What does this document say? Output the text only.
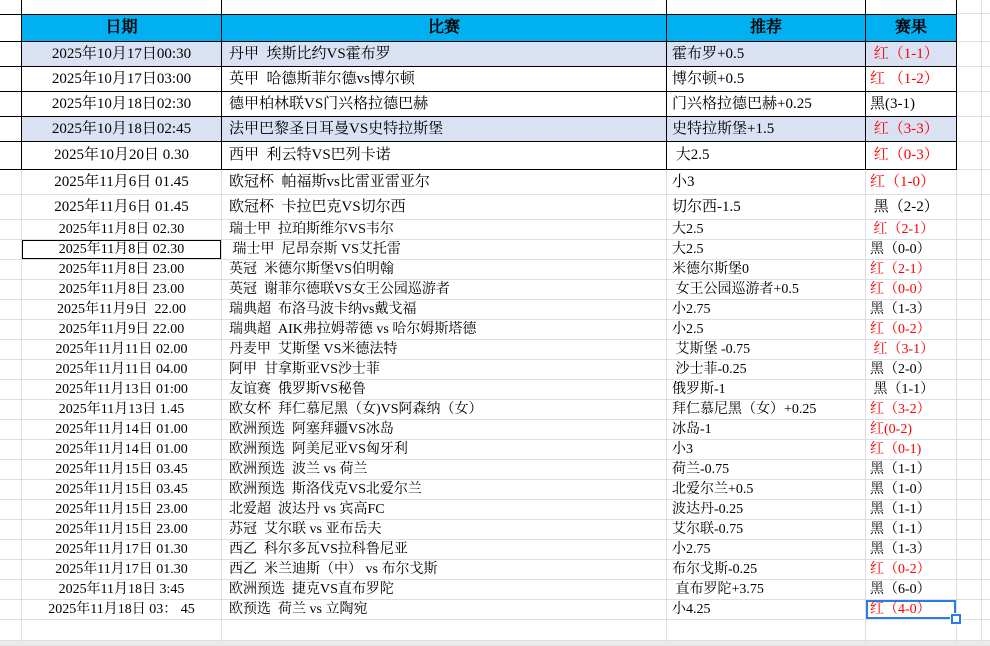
日期	比赛	推荐	赛果
2025年10月17日00:30	丹甲  埃斯比约VS霍布罗	霍布罗+0.5	红（1-1）
2025年10月17日03:00	英甲  哈德斯菲尔德vs博尔顿	博尔顿+0.5	红 （1-2）
2025年10月18日02:30	德甲柏林联VS门兴格拉德巴赫	门兴格拉德巴赫+0.25	黑(3-1)
2025年10月18日02:45	法甲巴黎圣日耳曼VS史特拉斯堡	史特拉斯堡+1.5	红（3-3）
2025年10月20日 0.30	西甲  利云特VS巴列卡诺	大2.5	红（0-3）
2025年11月6日 01.45	欧冠杯  帕福斯vs比雷亚雷亚尔	小3	红（1-0）
2025年11月6日 01.45	欧冠杯  卡拉巴克VS切尔西	切尔西-1.5	黑（2-2）
2025年11月8日 02.30	瑞士甲  拉珀斯维尔VS韦尔	大2.5	红（2-1）
2025年11月8日 02.30	瑞士甲  尼昂奈斯 VS艾托雷	大2.5	黑（0-0）
2025年11月8日 23.00	英冠  米德尔斯堡VS伯明翰	米德尔斯堡0	红（2-1）
2025年11月8日 23.00	英冠  谢菲尔德联VS女王公园巡游者	女王公园巡游者+0.5	红（0-0）
2025年11月9日  22.00	瑞典超  布洛马波卡纳vs戴戈福	小2.75	黑（1-3）
2025年11月9日 22.00	瑞典超  AIK弗拉姆蒂德 vs 哈尔姆斯塔德	小2.5	红（0-2）
2025年11月11日 02.00	丹麦甲  艾斯堡 VS米德法特	艾斯堡 -0.75	红（3-1）
2025年11月11日 04.00	阿甲  甘拿斯亚VS沙士菲	沙士菲-0.25	黑（2-0）
2025年11月13日 01:00	友谊赛  俄罗斯VS秘鲁	俄罗斯-1	黑（1-1）
2025年11月13日 1.45	欧女杯  拜仁慕尼黑（女)VS阿森纳（女）	拜仁慕尼黑（女）+0.25	红（3-2）
2025年11月14日 01.00	欧洲预选  阿塞拜疆VS冰岛	冰岛-1	红(0-2)
2025年11月14日 01.00	欧洲预选  阿美尼亚VS匈牙利	小3	红（0-1)
2025年11月15日 03.45	欧洲预选  波兰 vs 荷兰	荷兰-0.75	黑（1-1）
2025年11月15日 03.45	欧洲预选  斯洛伐克VS北爱尔兰	北爱尔兰+0.5	黑（1-0）
2025年11月15日 23.00	北爱超  波达丹 vs 宾高FC	波达丹-0.25	黑（1-1）
2025年11月15日 23.00	苏冠  艾尔联 vs 亚布岳夫	艾尔联-0.75	黑（1-1）
2025年11月17日 01.30	西乙  科尔多瓦VS拉科鲁尼亚	小2.75	黑（1-3）
2025年11月17日 01.30	西乙  米兰迪斯（中） vs 布尔戈斯	布尔戈斯-0.25	红（0-2）
2025年11月18日 3:45	欧洲预选  捷克VS直布罗陀	直布罗陀+3.75	黑（6-0）
2025年11月18日 03： 45	欧预选  荷兰 vs 立陶宛	小4.25	红（4-0）
